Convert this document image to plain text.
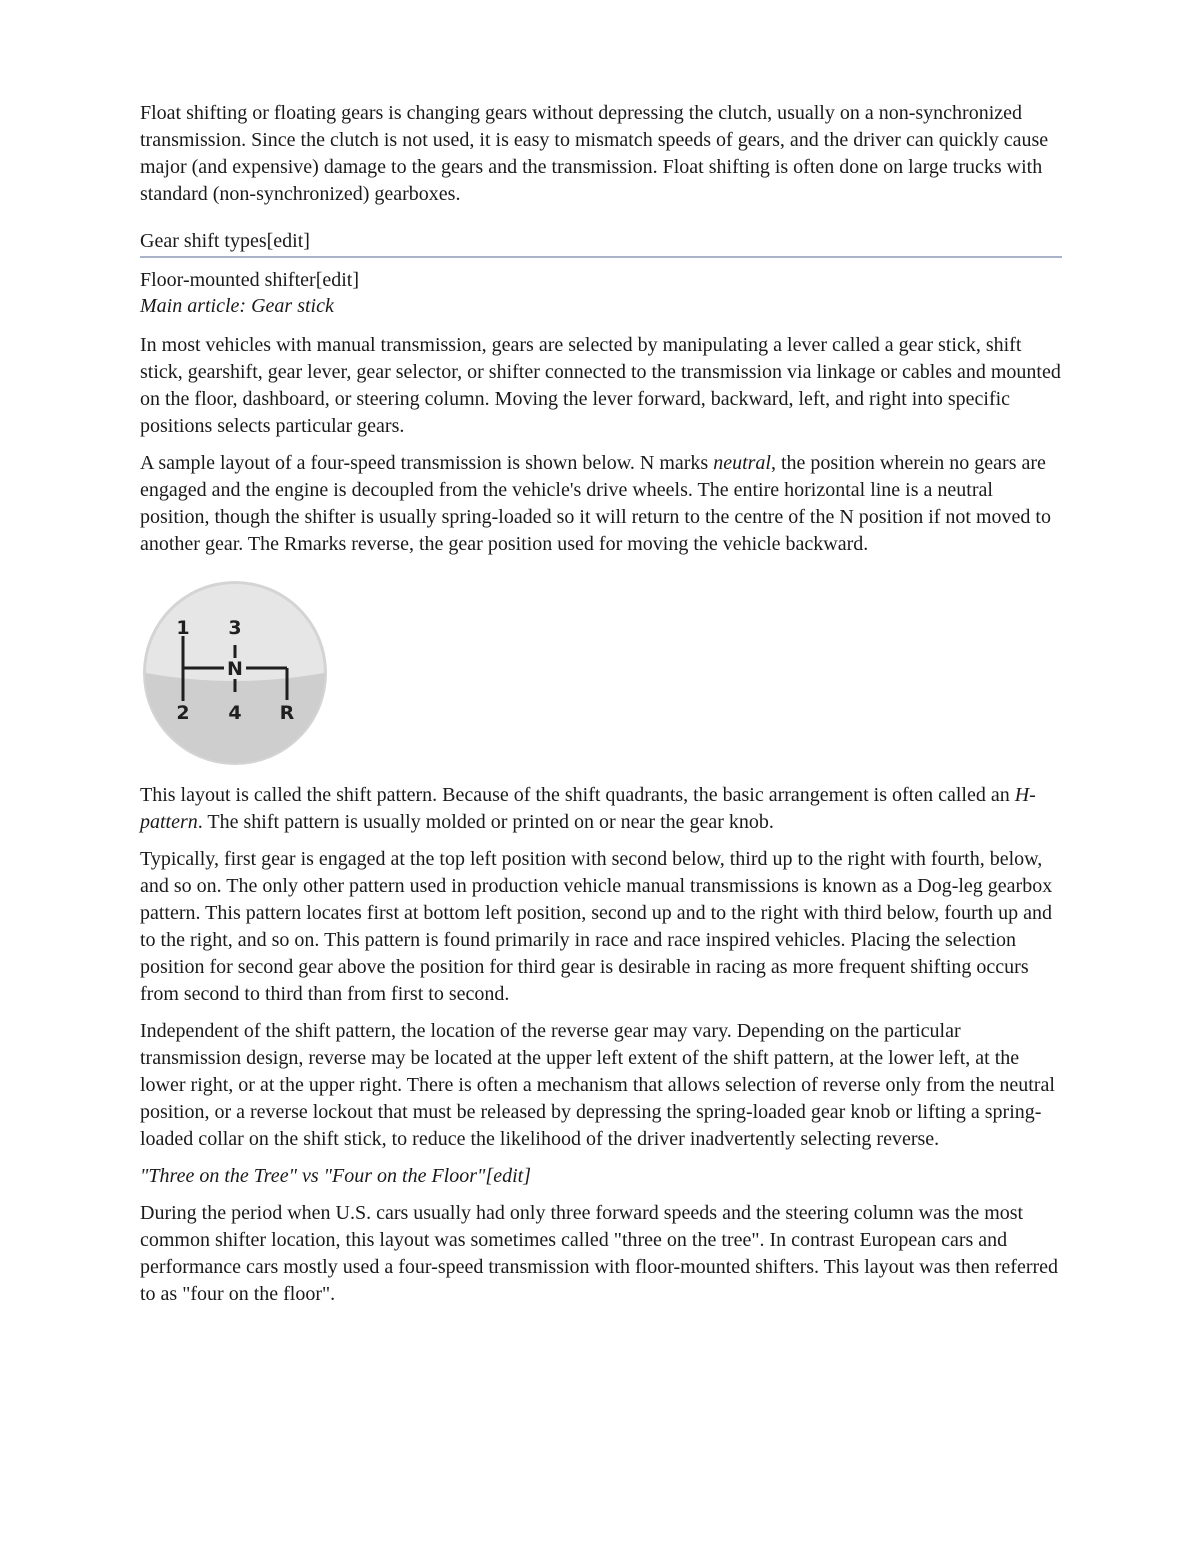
Float shifting or floating gears is changing gears without depressing the clutch, usually on a non-synchronized transmission. Since the clutch is not used, it is easy to mismatch speeds of gears, and the driver can quickly cause major (and expensive) damage to the gears and the transmission. Float shifting is often done on large trucks with standard (non-synchronized) gearboxes.

Gear shift types[edit]
Floor-mounted shifter[edit]
Main article: Gear stick

In most vehicles with manual transmission, gears are selected by manipulating a lever called a gear stick, shift stick, gearshift, gear lever, gear selector, or shifter connected to the transmission via linkage or cables and mounted on the floor, dashboard, or steering column. Moving the lever forward, backward, left, and right into specific positions selects particular gears.

A sample layout of a four-speed transmission is shown below. N marks neutral, the position wherein no gears are engaged and the engine is decoupled from the vehicle's drive wheels. The entire horizontal line is a neutral position, though the shifter is usually spring-loaded so it will return to the centre of the N position if not moved to another gear. The Rmarks reverse, the gear position used for moving the vehicle backward.

1 3
N
2 4 R

This layout is called the shift pattern. Because of the shift quadrants, the basic arrangement is often called an H-pattern. The shift pattern is usually molded or printed on or near the gear knob.

Typically, first gear is engaged at the top left position with second below, third up to the right with fourth, below, and so on. The only other pattern used in production vehicle manual transmissions is known as a Dog-leg gearbox pattern. This pattern locates first at bottom left position, second up and to the right with third below, fourth up and to the right, and so on. This pattern is found primarily in race and race inspired vehicles. Placing the selection position for second gear above the position for third gear is desirable in racing as more frequent shifting occurs from second to third than from first to second.

Independent of the shift pattern, the location of the reverse gear may vary. Depending on the particular transmission design, reverse may be located at the upper left extent of the shift pattern, at the lower left, at the lower right, or at the upper right. There is often a mechanism that allows selection of reverse only from the neutral position, or a reverse lockout that must be released by depressing the spring-loaded gear knob or lifting a spring-loaded collar on the shift stick, to reduce the likelihood of the driver inadvertently selecting reverse.

"Three on the Tree" vs "Four on the Floor"[edit]

During the period when U.S. cars usually had only three forward speeds and the steering column was the most common shifter location, this layout was sometimes called "three on the tree". In contrast European cars and performance cars mostly used a four-speed transmission with floor-mounted shifters. This layout was then referred to as "four on the floor".
